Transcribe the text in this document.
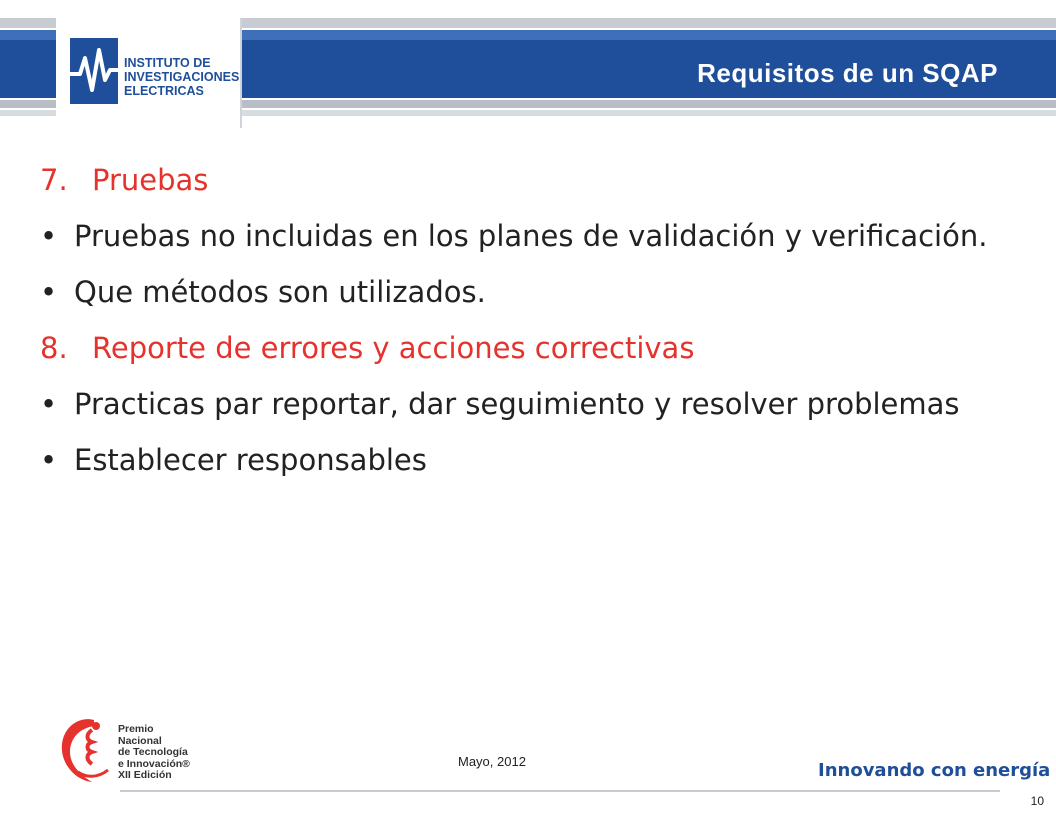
INSTITUTO DE
INVESTIGACIONES
ELECTRICAS
Requisitos de un SQAP
7. Pruebas
• Pruebas no incluidas en los planes de validación y verificación.
• Que métodos son utilizados.
8. Reporte de errores y acciones correctivas
• Practicas par reportar, dar seguimiento y resolver problemas
• Establecer responsables
Premio
Nacional
de Tecnología
e Innovación®
XII Edición
Mayo, 2012	Innovando con energía
10
